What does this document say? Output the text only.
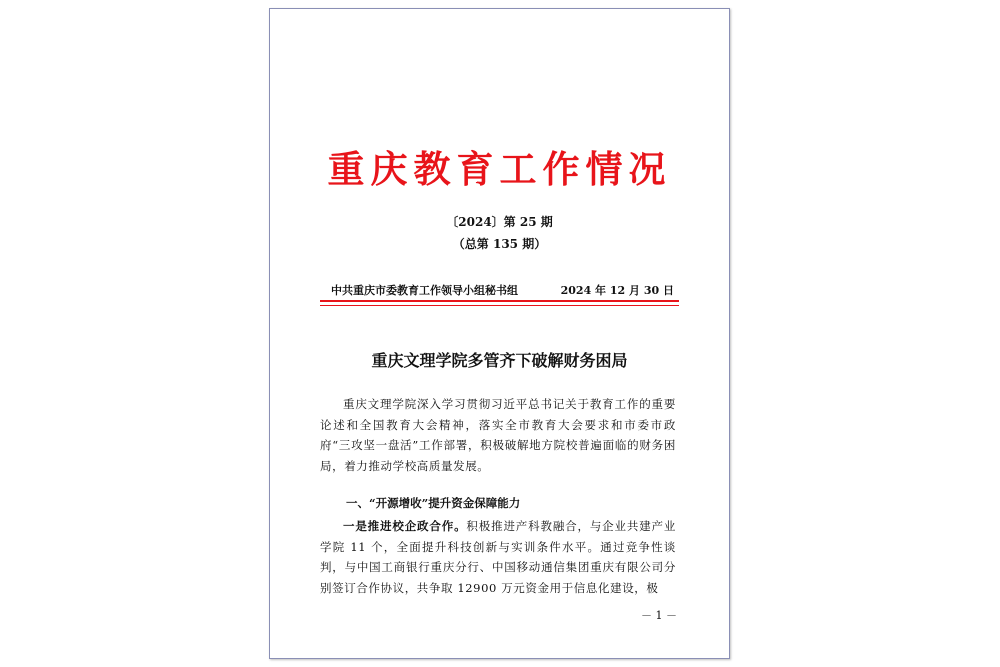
重庆教育工作情况
〔2024〕第 25 期
（总第 135 期）
中共重庆市委教育工作领导小组秘书组	2024 年 12 月 30 日
重庆文理学院多管齐下破解财务困局
重庆文理学院深入学习贯彻习近平总书记关于教育工作的重要论述和全国教育大会精神，落实全市教育大会要求和市委市政府“三攻坚一盘活”工作部署，积极破解地方院校普遍面临的财务困局，着力推动学校高质量发展。
一、“开源增收”提升资金保障能力
一是推进校企政合作。积极推进产科教融合，与企业共建产业学院 11 个，全面提升科技创新与实训条件水平。通过竞争性谈判，与中国工商银行重庆分行、中国移动通信集团重庆有限公司分别签订合作协议，共争取 12900 万元资金用于信息化建设，极
－ 1 －
